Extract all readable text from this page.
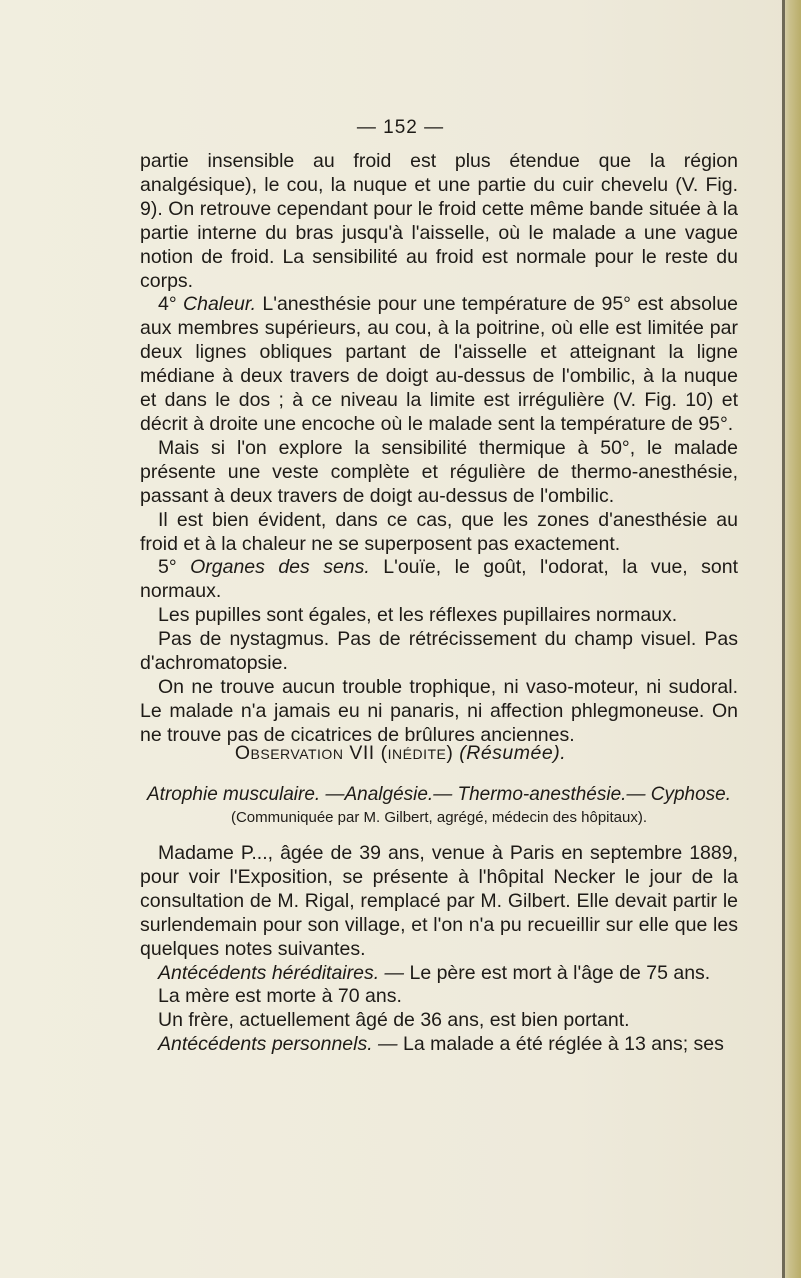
— 152 —

partie insensible au froid est plus étendue que la région analgésique), le cou, la nuque et une partie du cuir chevelu (V. Fig. 9). On retrouve cependant pour le froid cette même bande située à la partie interne du bras jusqu'à l'aisselle, où le malade a une vague notion de froid. La sensibilité au froid est normale pour le reste du corps.

4° Chaleur. L'anesthésie pour une température de 95° est absolue aux membres supérieurs, au cou, à la poitrine, où elle est limitée par deux lignes obliques partant de l'aisselle et atteignant la ligne médiane à deux travers de doigt au-dessus de l'ombilic, à la nuque et dans le dos ; à ce niveau la limite est irrégulière (V. Fig. 10) et décrit à droite une encoche où le malade sent la température de 95°.

Mais si l'on explore la sensibilité thermique à 50°, le malade présente une veste complète et régulière de thermo-anesthésie, passant à deux travers de doigt au-dessus de l'ombilic.

Il est bien évident, dans ce cas, que les zones d'anesthésie au froid et à la chaleur ne se superposent pas exactement.

5° Organes des sens. L'ouïe, le goût, l'odorat, la vue, sont normaux.

Les pupilles sont égales, et les réflexes pupillaires normaux.

Pas de nystagmus. Pas de rétrécissement du champ visuel. Pas d'achromatopsie.

On ne trouve aucun trouble trophique, ni vaso-moteur, ni sudoral. Le malade n'a jamais eu ni panaris, ni affection phlegmoneuse. On ne trouve pas de cicatrices de brûlures anciennes.

Observation VII (inédite) (Résumée).
Atrophie musculaire. —Analgésie.— Thermo-anesthésie.— Cyphose.
(Communiquée par M. Gilbert, agrégé, médecin des hôpitaux).

Madame P..., âgée de 39 ans, venue à Paris en septembre 1889, pour voir l'Exposition, se présente à l'hôpital Necker le jour de la consultation de M. Rigal, remplacé par M. Gilbert. Elle devait partir le surlendemain pour son village, et l'on n'a pu recueillir sur elle que les quelques notes suivantes.

Antécédents héréditaires. — Le père est mort à l'âge de 75 ans.

La mère est morte à 70 ans.

Un frère, actuellement âgé de 36 ans, est bien portant.

Antécédents personnels. — La malade a été réglée à 13 ans; ses
